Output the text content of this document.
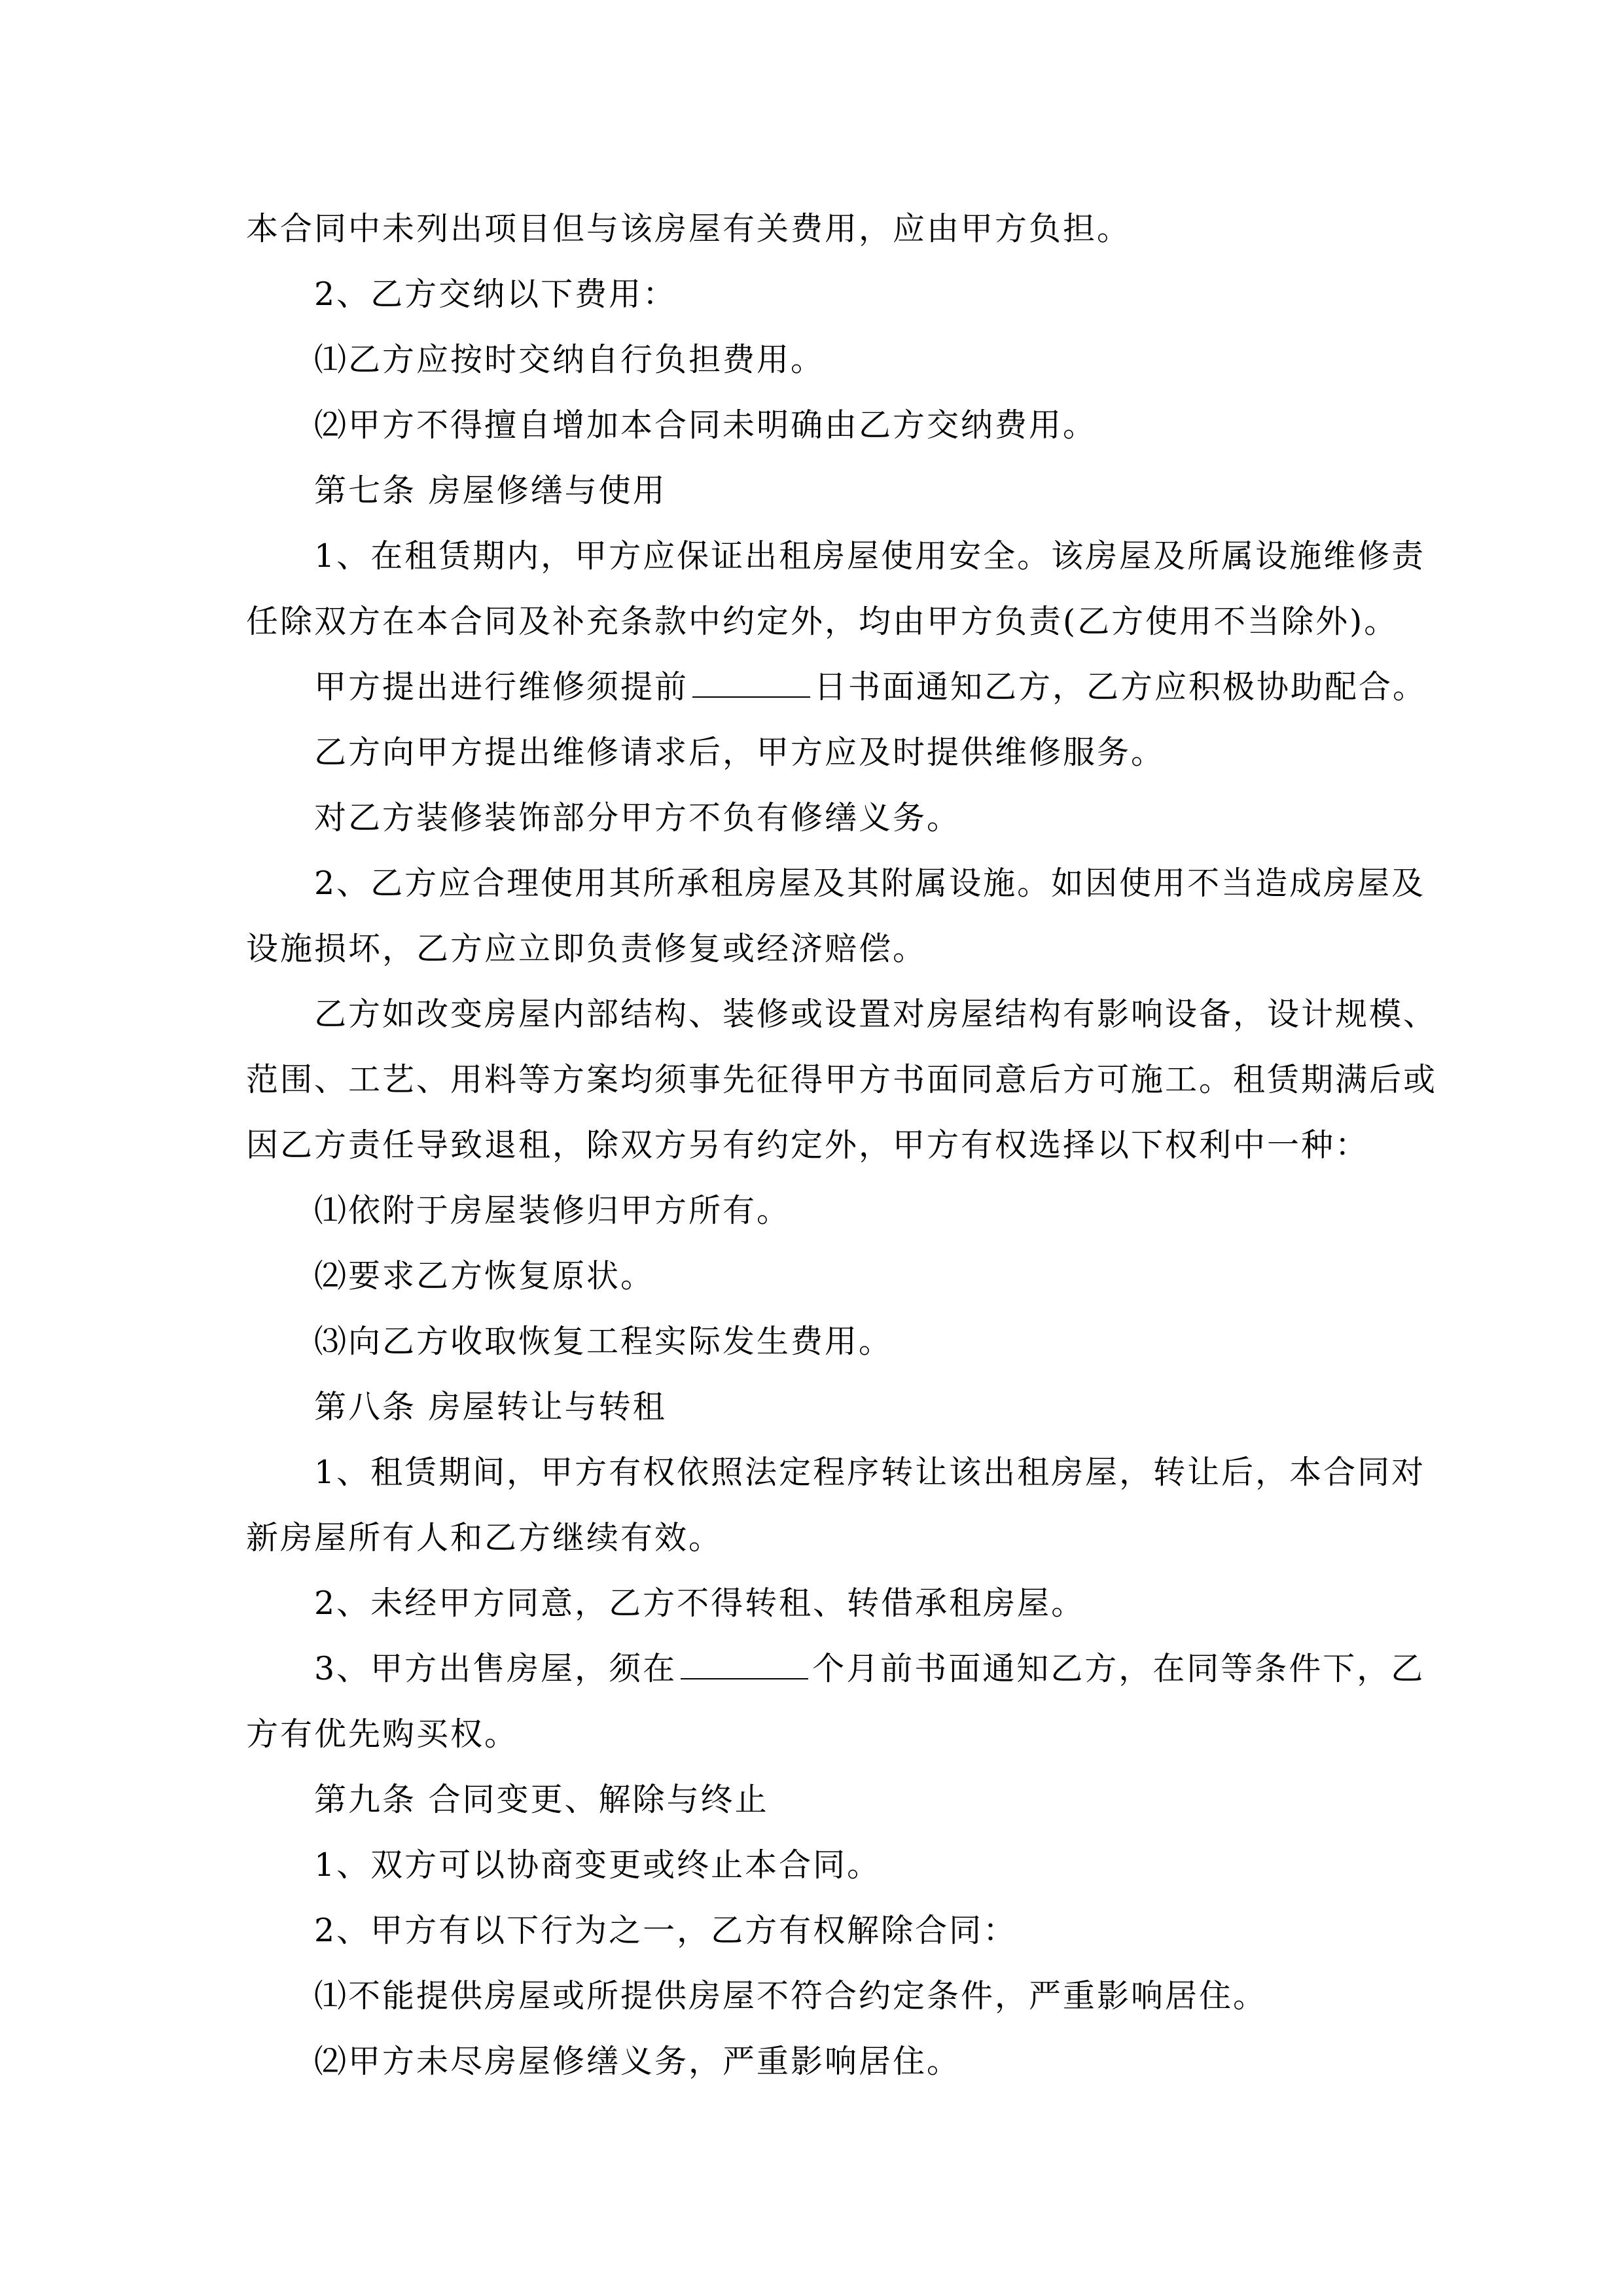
本合同中未列出项目但与该房屋有关费用，应由甲方负担。
2、乙方交纳以下费用：
⑴乙方应按时交纳自行负担费用。
⑵甲方不得擅自增加本合同未明确由乙方交纳费用。
第七条 房屋修缮与使用
1、在租赁期内，甲方应保证出租房屋使用安全。该房屋及所属设施维修责
任除双方在本合同及补充条款中约定外，均由甲方负责(乙方使用不当除外)。
甲方提出进行维修须提前	日书面通知乙方，乙方应积极协助配合。
乙方向甲方提出维修请求后，甲方应及时提供维修服务。
对乙方装修装饰部分甲方不负有修缮义务。
2、乙方应合理使用其所承租房屋及其附属设施。如因使用不当造成房屋及
设施损坏，乙方应立即负责修复或经济赔偿。
乙方如改变房屋内部结构、装修或设置对房屋结构有影响设备，设计规模、
范围、工艺、用料等方案均须事先征得甲方书面同意后方可施工。租赁期满后或
因乙方责任导致退租，除双方另有约定外，甲方有权选择以下权利中一种：
⑴依附于房屋装修归甲方所有。
⑵要求乙方恢复原状。
⑶向乙方收取恢复工程实际发生费用。
第八条 房屋转让与转租
1、租赁期间，甲方有权依照法定程序转让该出租房屋，转让后，本合同对
新房屋所有人和乙方继续有效。
2、未经甲方同意，乙方不得转租、转借承租房屋。
3、甲方出售房屋，须在	个月前书面通知乙方，在同等条件下，乙
方有优先购买权。
第九条 合同变更、解除与终止
1、双方可以协商变更或终止本合同。
2、甲方有以下行为之一，乙方有权解除合同：
⑴不能提供房屋或所提供房屋不符合约定条件，严重影响居住。
⑵甲方未尽房屋修缮义务，严重影响居住。
